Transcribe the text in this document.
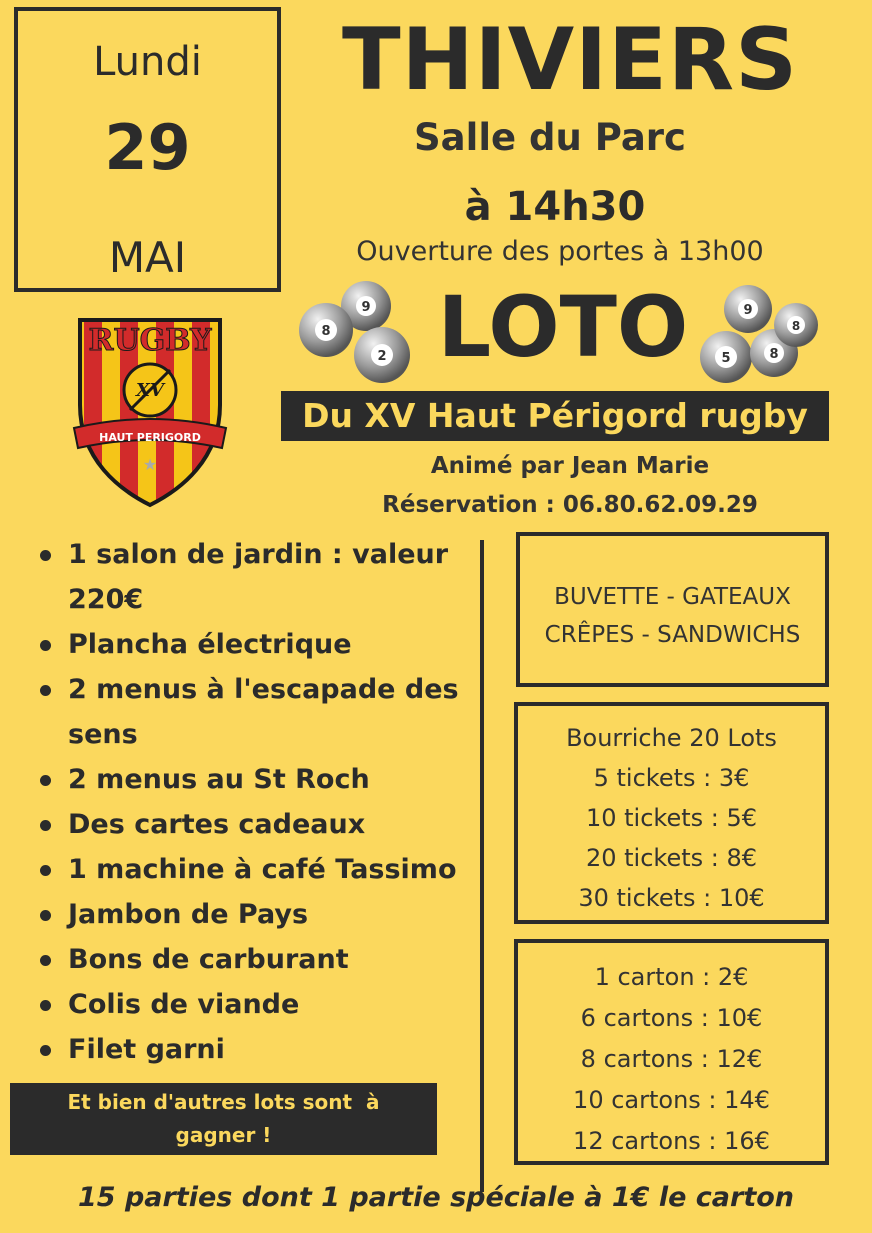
Lundi
29
MAI
THIVIERS
Salle du Parc
à 14h30
Ouverture des portes à 13h00
9
8
2 LOTO	9
5	8
8
RUGBY
XV
HAUT PERIGORD
★
Du XV Haut Périgord rugby
Animé par Jean Marie
Réservation : 06.80.62.09.29
1 salon de jardin : valeur
220€
Plancha électrique
2 menus à l'escapade des
sens
2 menus au St Roch
Des cartes cadeaux
1 machine à café Tassimo
Jambon de Pays
Bons de carburant
Colis de viande
Filet garni
BUVETTE - GATEAUX
CRÊPES - SANDWICHS
Bourriche 20 Lots
5 tickets : 3€
10 tickets : 5€
20 tickets : 8€
30 tickets : 10€
1 carton : 2€
6 cartons : 10€
8 cartons : 12€
10 cartons : 14€
12 cartons : 16€
Et bien d'autres lots sont  à
gagner !
15 parties dont 1 partie spéciale à 1€ le carton
